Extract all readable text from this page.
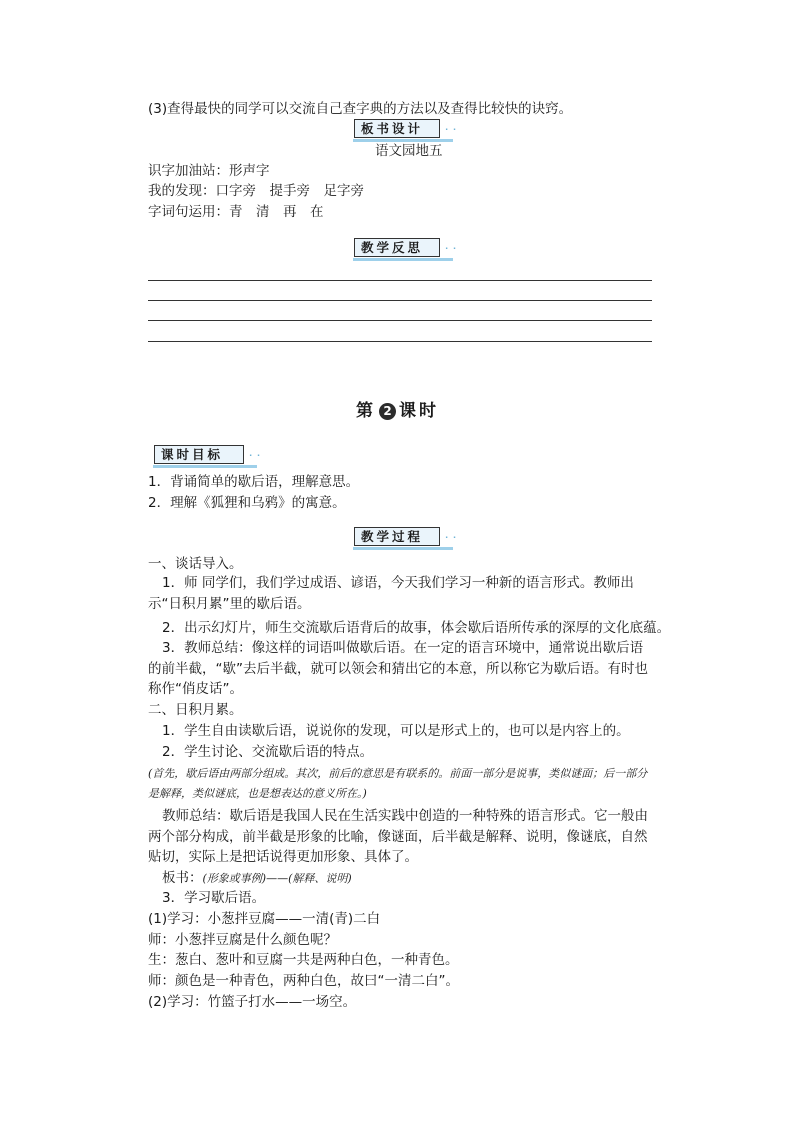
(3)查得最快的同学可以交流自己查字典的方法以及查得比较快的诀窍。
板书设计	· ·
语文园地五
识字加油站：形声字
我的发现：口字旁　提手旁　足字旁
字词句运用：青　清　再　在
教学反思	· ·
第 2 课时
课时目标	· ·
1．背诵简单的歇后语，理解意思。
2．理解《狐狸和乌鸦》的寓意。
教学过程	· ·
一、谈话导入。
1．师 同学们，我们学过成语、谚语，今天我们学习一种新的语言形式。教师出示“日积月累”里的歇后语。
2．出示幻灯片，师生交流歇后语背后的故事，体会歇后语所传承的深厚的文化底蕴。
3．教师总结：像这样的词语叫做歇后语。在一定的语言环境中，通常说出歇后语的前半截，“歇”去后半截，就可以领会和猜出它的本意，所以称它为歇后语。有时也称作“俏皮话”。
二、日积月累。
1．学生自由读歇后语，说说你的发现，可以是形式上的，也可以是内容上的。
2．学生讨论、交流歇后语的特点。
(首先，歇后语由两部分组成。其次，前后的意思是有联系的。前面一部分是说事，类似谜面；后一部分是解释，类似谜底，也是想表达的意义所在。)
教师总结：歇后语是我国人民在生活实践中创造的一种特殊的语言形式。它一般由两个部分构成，前半截是形象的比喻，像谜面，后半截是解释、说明，像谜底，自然贴切，实际上是把话说得更加形象、具体了。
板书：(形象或事例)——(解释、说明)
3．学习歇后语。
(1)学习：小葱拌豆腐——一清(青)二白
师：小葱拌豆腐是什么颜色呢？
生：葱白、葱叶和豆腐一共是两种白色，一种青色。
师：颜色是一种青色，两种白色，故曰“一清二白”。
(2)学习：竹篮子打水——一场空。
